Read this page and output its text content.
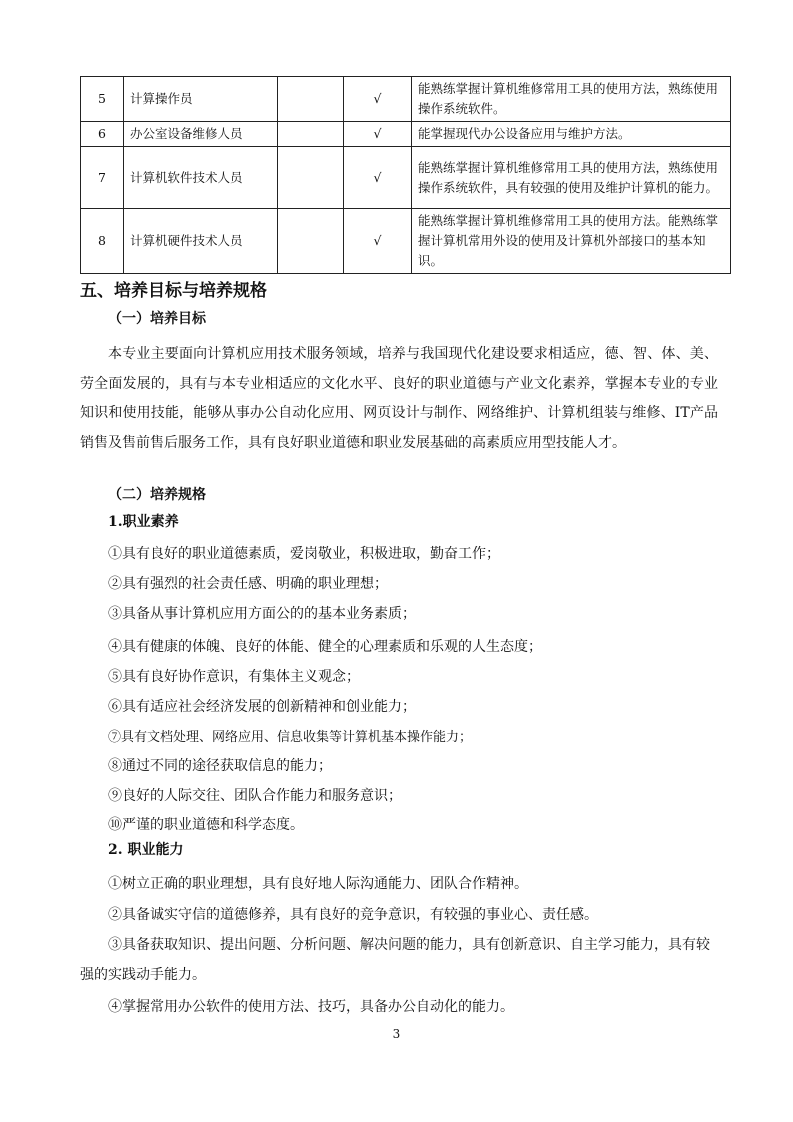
5	计算操作员		√	能熟练掌握计算机维修常用工具的使用方法，熟练使用操作系统软件。
6	办公室设备维修人员		√	能掌握现代办公设备应用与维护方法。
7	计算机软件技术人员		√	能熟练掌握计算机维修常用工具的使用方法，熟练使用操作系统软件，具有较强的使用及维护计算机的能力。
8	计算机硬件技术人员		√	能熟练掌握计算机维修常用工具的使用方法。能熟练掌握计算机常用外设的使用及计算机外部接口的基本知识。
五、培养目标与培养规格
（一）培养目标
本专业主要面向计算机应用技术服务领域，培养与我国现代化建设要求相适应，德、智、体、美、劳全面发展的，具有与本专业相适应的文化水平、良好的职业道德与产业文化素养，掌握本专业的专业知识和使用技能，能够从事办公自动化应用、网页设计与制作、网络维护、计算机组装与维修、IT产品销售及售前售后服务工作，具有良好职业道德和职业发展基础的高素质应用型技能人才。
（二）培养规格
1.职业素养
①具有良好的职业道德素质，爱岗敬业，积极进取，勤奋工作；
②具有强烈的社会责任感、明确的职业理想；
③具备从事计算机应用方面公的的基本业务素质；
④具有健康的体魄、良好的体能、健全的心理素质和乐观的人生态度；
⑤具有良好协作意识，有集体主义观念；
⑥具有适应社会经济发展的创新精神和创业能力；
⑦具有文档处理、网络应用、信息收集等计算机基本操作能力；
⑧通过不同的途径获取信息的能力；
⑨良好的人际交往、团队合作能力和服务意识；
⑩严谨的职业道德和科学态度。
2. 职业能力
①树立正确的职业理想，具有良好地人际沟通能力、团队合作精神。
②具备诚实守信的道德修养，具有良好的竞争意识，有较强的事业心、责任感。
③具备获取知识、提出问题、分析问题、解决问题的能力，具有创新意识、自主学习能力，具有较强的实践动手能力。
④掌握常用办公软件的使用方法、技巧，具备办公自动化的能力。
3
